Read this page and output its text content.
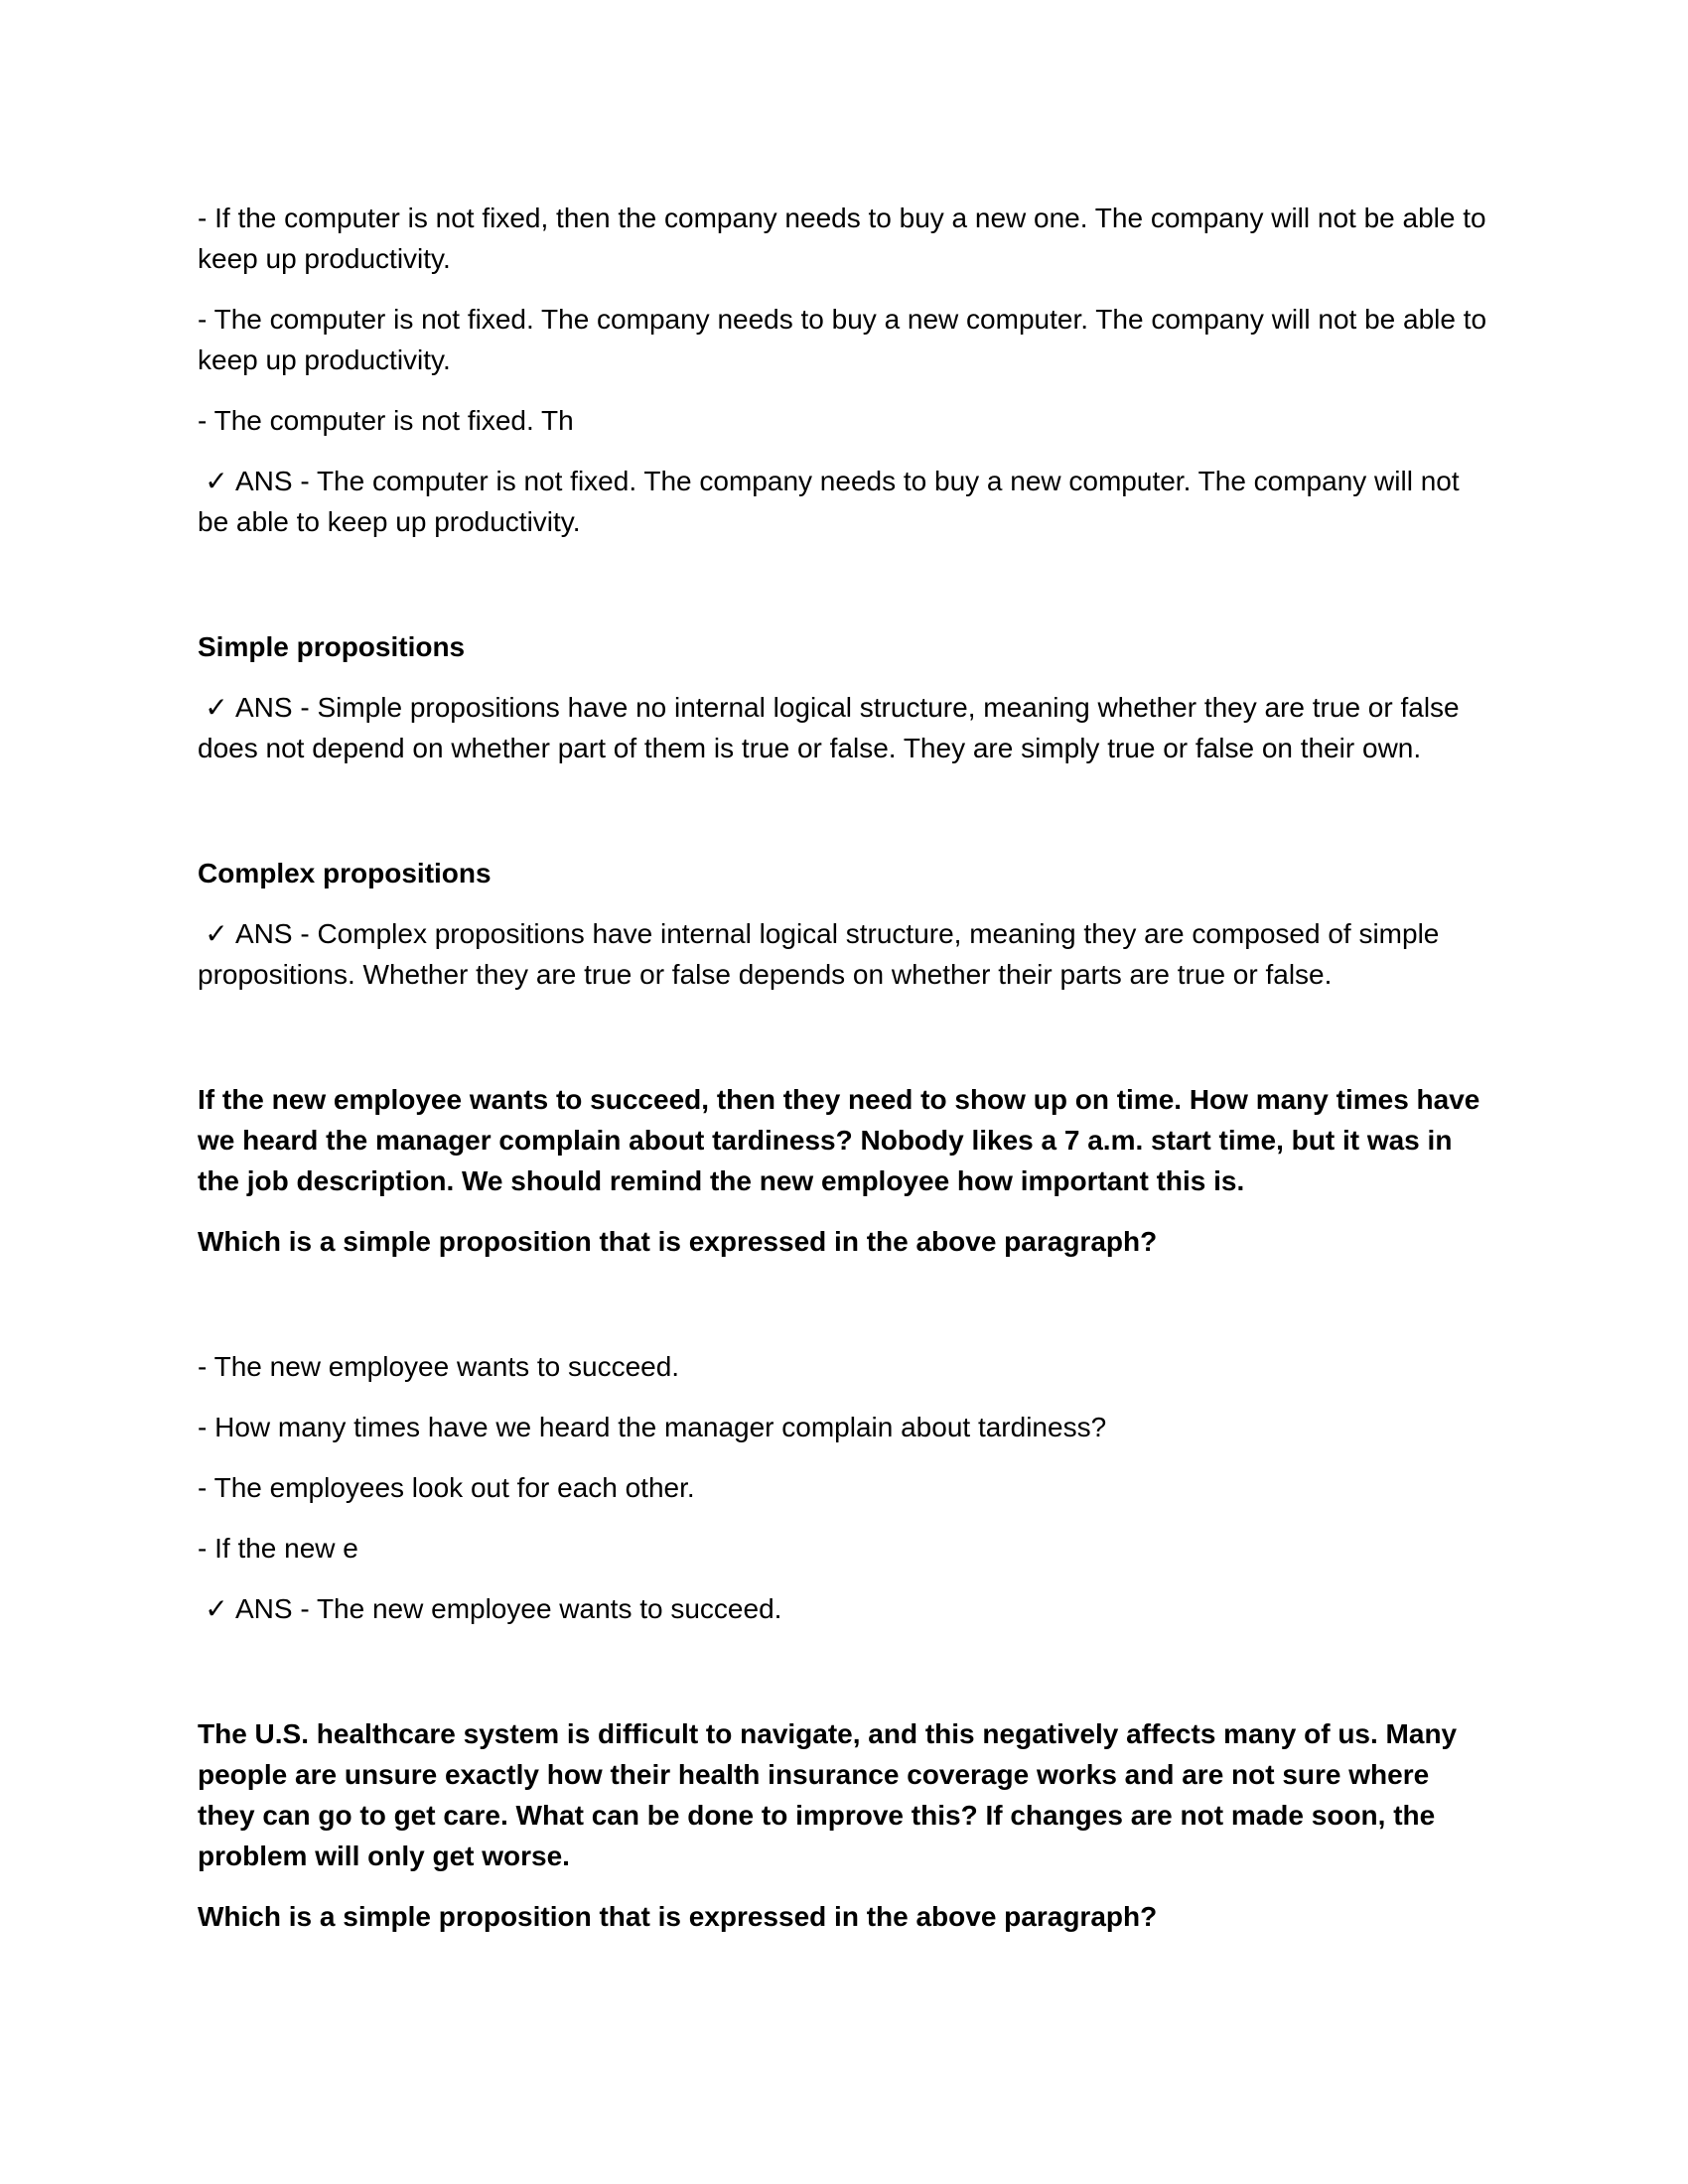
- If the computer is not fixed, then the company needs to buy a new one. The company will not be able to keep up productivity.

- The computer is not fixed. The company needs to buy a new computer. The company will not be able to keep up productivity.

- The computer is not fixed. Th

✓ ANS - The computer is not fixed. The company needs to buy a new computer. The company will not be able to keep up productivity.

Simple propositions

✓ ANS - Simple propositions have no internal logical structure, meaning whether they are true or false does not depend on whether part of them is true or false. They are simply true or false on their own.

Complex propositions

✓ ANS - Complex propositions have internal logical structure, meaning they are composed of simple propositions. Whether they are true or false depends on whether their parts are true or false.

If the new employee wants to succeed, then they need to show up on time. How many times have we heard the manager complain about tardiness? Nobody likes a 7 a.m. start time, but it was in the job description. We should remind the new employee how important this is.

Which is a simple proposition that is expressed in the above paragraph?

- The new employee wants to succeed.

- How many times have we heard the manager complain about tardiness?

- The employees look out for each other.

- If the new e

✓ ANS - The new employee wants to succeed.

The U.S. healthcare system is difficult to navigate, and this negatively affects many of us. Many people are unsure exactly how their health insurance coverage works and are not sure where they can go to get care. What can be done to improve this? If changes are not made soon, the problem will only get worse.

Which is a simple proposition that is expressed in the above paragraph?
